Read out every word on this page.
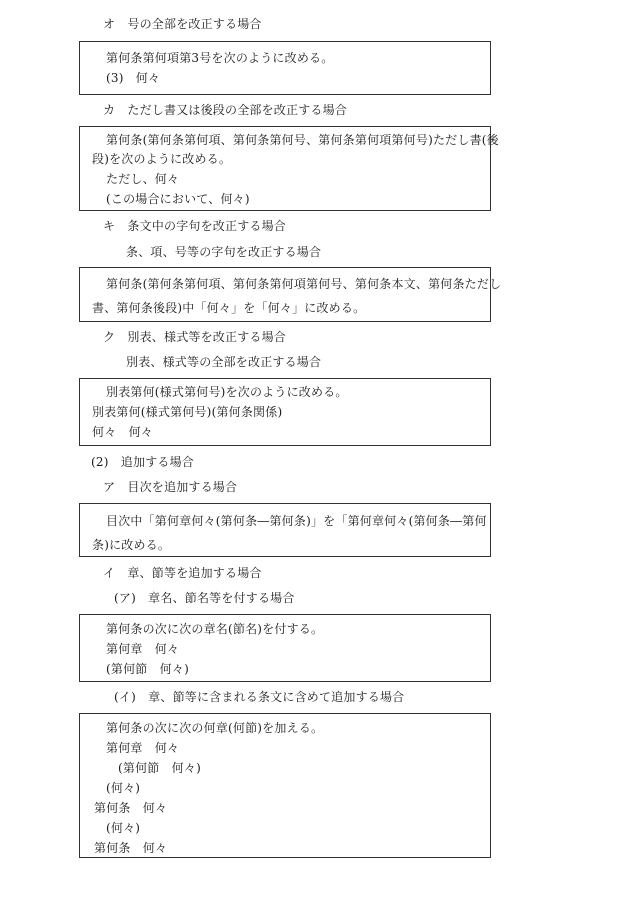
オ　号の全部を改正する場合
第何条第何項第3号を次のように改める。
(3)　何々
カ　ただし書又は後段の全部を改正する場合
第何条(第何条第何項、第何条第何号、第何条第何項第何号)ただし書(後
段)を次のように改める。
ただし、何々
(この場合において、何々)
キ　条文中の字句を改正する場合
条、項、号等の字句を改正する場合
第何条(第何条第何項、第何条第何項第何号、第何条本文、第何条ただし
書、第何条後段)中「何々」を「何々」に改める。
ク　別表、様式等を改正する場合
別表、様式等の全部を改正する場合
別表第何(様式第何号)を次のように改める。
別表第何(様式第何号)(第何条関係)
何々　何々
(2)　追加する場合
ア　目次を追加する場合
目次中「第何章何々(第何条―第何条)」を「第何章何々(第何条―第何
条)に改める。
イ　章、節等を追加する場合
(ア)　章名、節名等を付する場合
第何条の次に次の章名(節名)を付する。
第何章　何々
(第何節　何々)
(イ)　章、節等に含まれる条文に含めて追加する場合
第何条の次に次の何章(何節)を加える。
第何章　何々
(第何節　何々)
(何々)
第何条　何々
(何々)
第何条　何々
